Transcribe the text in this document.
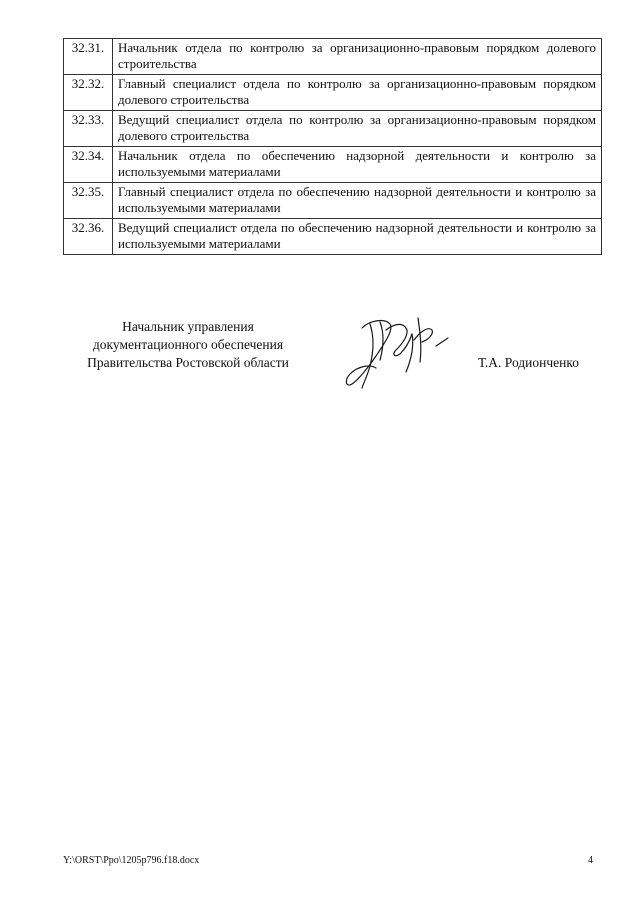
32.31.	Начальник отдела по контролю за организационно-правовым порядком долевого строительства
32.32.	Главный специалист отдела по контролю за организационно-правовым порядком долевого строительства
32.33.	Ведущий специалист отдела по контролю за организационно-правовым порядком долевого строительства
32.34.	Начальник отдела по обеспечению надзорной деятельности и контролю за используемыми материалами
32.35.	Главный специалист отдела по обеспечению надзорной деятельности и контролю за используемыми материалами
32.36.	Ведущий специалист отдела по обеспечению надзорной деятельности и контролю за используемыми материалами
Начальник управления
документационного обеспечения
Правительства Ростовской области	Т.А. Родионченко
Y:\ORST\Ppo\1205p796.f18.docx	4
